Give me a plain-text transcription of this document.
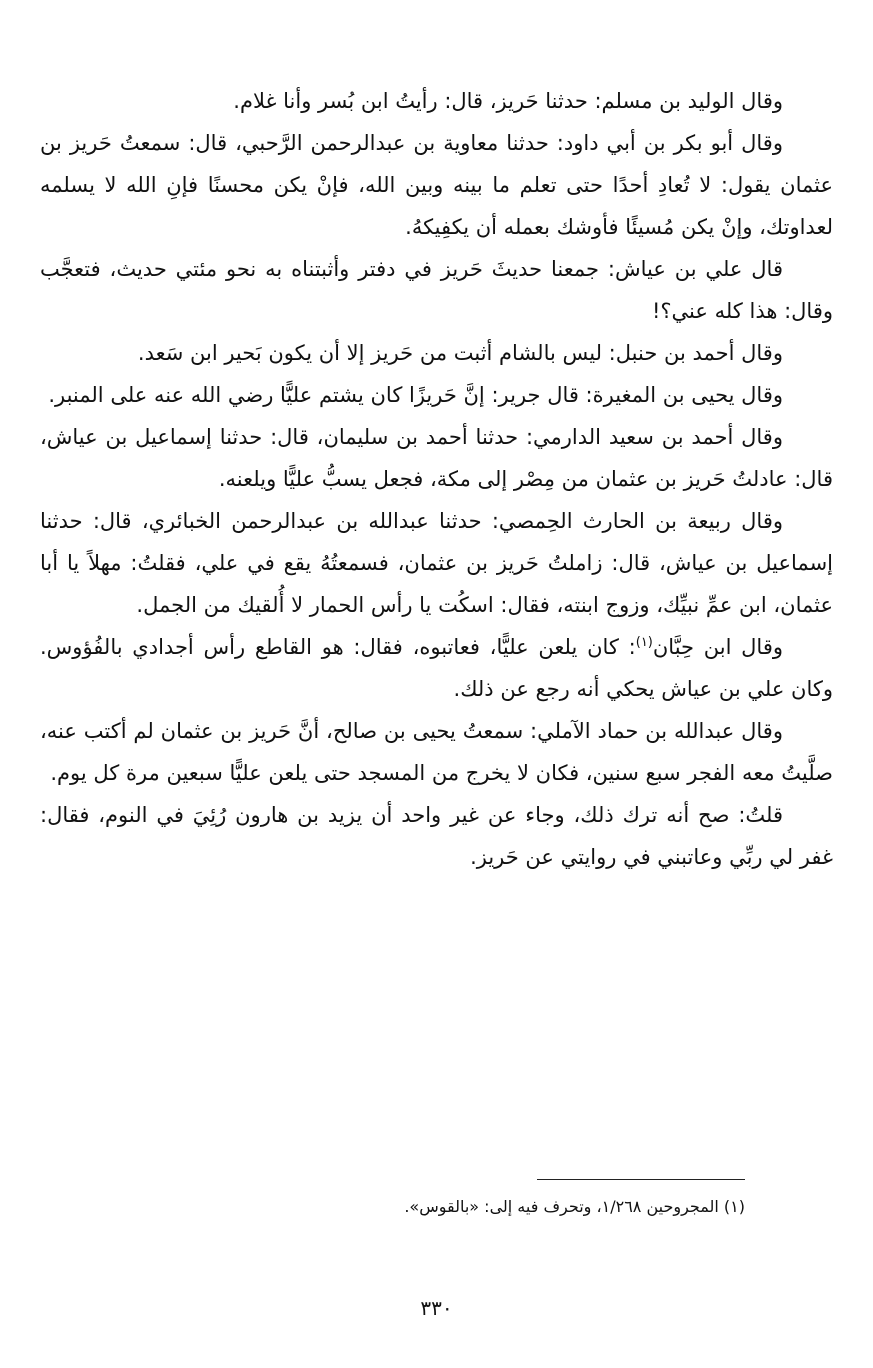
وقال الوليد بن مسلم: حدثنا حَريز، قال: رأيتُ ابن بُسر وأنا غلام.

وقال أبو بكر بن أبي داود: حدثنا معاوية بن عبدالرحمن الرَّحبي، قال: سمعتُ حَريز بن عثمان يقول: لا تُعادِ أحدًا حتى تعلم ما بينه وبين الله، فإنْ يكن محسنًا فإنِ الله لا يسلمه لعداوتك، وإنْ يكن مُسيئًا فأوشك بعمله أن يكفِيكهُ.

قال علي بن عياش: جمعنا حديثَ حَريز في دفتر وأثبتناه به نحو مئتي حديث، فتعجَّب وقال: هذا كله عني؟!

وقال أحمد بن حنبل: ليس بالشام أثبت من حَريز إلا أن يكون بَحير ابن سَعد.

وقال يحيى بن المغيرة: قال جرير: إنَّ حَريزًا كان يشتم عليًّا رضي الله عنه على المنبر.

وقال أحمد بن سعيد الدارمي: حدثنا أحمد بن سليمان، قال: حدثنا إسماعيل بن عياش، قال: عادلتُ حَريز بن عثمان من مِصْر إلى مكة، فجعل يسبُّ عليًّا ويلعنه.

وقال ربيعة بن الحارث الحِمصي: حدثنا عبدالله بن عبدالرحمن الخبائري، قال: حدثنا إسماعيل بن عياش، قال: زاملتُ حَريز بن عثمان، فسمعتُهُ يقع في علي، فقلتُ: مهلاً يا أبا عثمان، ابن عمِّ نبيِّك، وزوج ابنته، فقال: اسكُت يا رأس الحمار لا أُلقيك من الجمل.

وقال ابن حِبَّان$^{(١)}$: كان يلعن عليًّا، فعاتبوه، فقال: هو القاطع رأس أجدادي بالفُؤوس. وكان علي بن عياش يحكي أنه رجع عن ذلك.

وقال عبدالله بن حماد الآملي: سمعتُ يحيى بن صالح، أنَّ حَريز بن عثمان لم أكتب عنه، صلَّيتُ معه الفجر سبع سنين، فكان لا يخرج من المسجد حتى يلعن عليًّا سبعين مرة كل يوم.

قلتُ: صح أنه ترك ذلك، وجاء عن غير واحد أن يزيد بن هارون رُئِيَ في النوم، فقال: غفر لي ربِّي وعاتبني في روايتي عن حَريز.

(١) المجروحين ١/٢٦٨، وتحرف فيه إلى: «بالقوس».
٣٣٠
